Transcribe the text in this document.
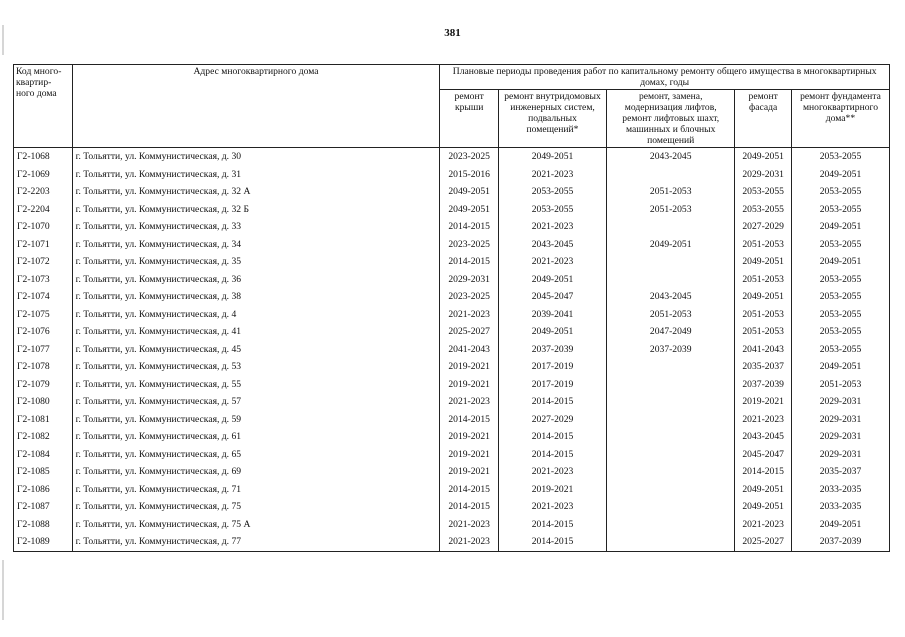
381
Код много-квартир-ного дома	Адрес многоквартирного дома	Плановые периоды проведения работ по капитальному ремонту общего имущества в многоквартирных домах, годы				
		ремонт крыши	ремонт внутридомовых инженерных систем, подвальных помещений*	ремонт, замена, модернизация лифтов, ремонт лифтовых шахт, машинных и блочных помещений	ремонт фасада	ремонт фундамента многоквартирного дома**
Г2-1068	г. Тольятти, ул. Коммунистическая, д. 30	2023-2025	2049-2051	2043-2045	2049-2051	2053-2055
Г2-1069	г. Тольятти, ул. Коммунистическая, д. 31	2015-2016	2021-2023		2029-2031	2049-2051
Г2-2203	г. Тольятти, ул. Коммунистическая, д. 32 А	2049-2051	2053-2055	2051-2053	2053-2055	2053-2055
Г2-2204	г. Тольятти, ул. Коммунистическая, д. 32 Б	2049-2051	2053-2055	2051-2053	2053-2055	2053-2055
Г2-1070	г. Тольятти, ул. Коммунистическая, д. 33	2014-2015	2021-2023		2027-2029	2049-2051
Г2-1071	г. Тольятти, ул. Коммунистическая, д. 34	2023-2025	2043-2045	2049-2051	2051-2053	2053-2055
Г2-1072	г. Тольятти, ул. Коммунистическая, д. 35	2014-2015	2021-2023		2049-2051	2049-2051
Г2-1073	г. Тольятти, ул. Коммунистическая, д. 36	2029-2031	2049-2051		2051-2053	2053-2055
Г2-1074	г. Тольятти, ул. Коммунистическая, д. 38	2023-2025	2045-2047	2043-2045	2049-2051	2053-2055
Г2-1075	г. Тольятти, ул. Коммунистическая, д. 4	2021-2023	2039-2041	2051-2053	2051-2053	2053-2055
Г2-1076	г. Тольятти, ул. Коммунистическая, д. 41	2025-2027	2049-2051	2047-2049	2051-2053	2053-2055
Г2-1077	г. Тольятти, ул. Коммунистическая, д. 45	2041-2043	2037-2039	2037-2039	2041-2043	2053-2055
Г2-1078	г. Тольятти, ул. Коммунистическая, д. 53	2019-2021	2017-2019		2035-2037	2049-2051
Г2-1079	г. Тольятти, ул. Коммунистическая, д. 55	2019-2021	2017-2019		2037-2039	2051-2053
Г2-1080	г. Тольятти, ул. Коммунистическая, д. 57	2021-2023	2014-2015		2019-2021	2029-2031
Г2-1081	г. Тольятти, ул. Коммунистическая, д. 59	2014-2015	2027-2029		2021-2023	2029-2031
Г2-1082	г. Тольятти, ул. Коммунистическая, д. 61	2019-2021	2014-2015		2043-2045	2029-2031
Г2-1084	г. Тольятти, ул. Коммунистическая, д. 65	2019-2021	2014-2015		2045-2047	2029-2031
Г2-1085	г. Тольятти, ул. Коммунистическая, д. 69	2019-2021	2021-2023		2014-2015	2035-2037
Г2-1086	г. Тольятти, ул. Коммунистическая, д. 71	2014-2015	2019-2021		2049-2051	2033-2035
Г2-1087	г. Тольятти, ул. Коммунистическая, д. 75	2014-2015	2021-2023		2049-2051	2033-2035
Г2-1088	г. Тольятти, ул. Коммунистическая, д. 75 А	2021-2023	2014-2015		2021-2023	2049-2051
Г2-1089	г. Тольятти, ул. Коммунистическая, д. 77	2021-2023	2014-2015		2025-2027	2037-2039
